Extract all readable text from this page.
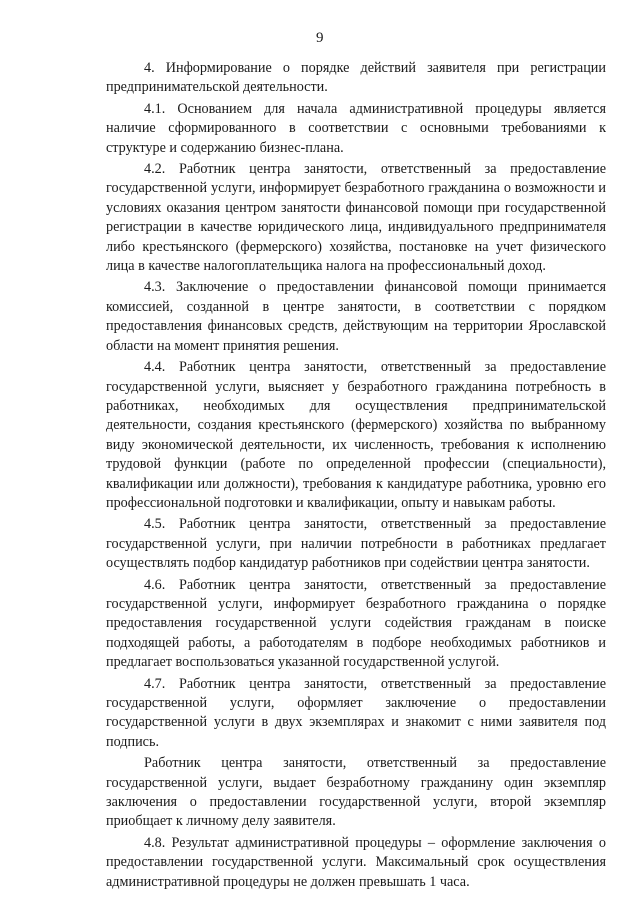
9

4. Информирование о порядке действий заявителя при регистрации предпринимательской деятельности.

4.1. Основанием для начала административной процедуры является наличие сформированного в соответствии с основными требованиями к структуре и содержанию бизнес-плана.

4.2. Работник центра занятости, ответственный за предоставление государственной услуги, информирует безработного гражданина о возможности и условиях оказания центром занятости финансовой помощи при государственной регистрации в качестве юридического лица, индивидуального предпринимателя либо крестьянского (фермерского) хозяйства, постановке на учет физического лица в качестве налогоплательщика налога на профессиональный доход.

4.3. Заключение о предоставлении финансовой помощи принимается комиссией, созданной в центре занятости, в соответствии с порядком предоставления финансовых средств, действующим на территории Ярославской области на момент принятия решения.

4.4. Работник центра занятости, ответственный за предоставление государственной услуги, выясняет у безработного гражданина потребность в работниках, необходимых для осуществления предпринимательской деятельности, создания крестьянского (фермерского) хозяйства по выбранному виду экономической деятельности, их численность, требования к исполнению трудовой функции (работе по определенной профессии (специальности), квалификации или должности), требования к кандидатуре работника, уровню его профессиональной подготовки и квалификации, опыту и навыкам работы.

4.5. Работник центра занятости, ответственный за предоставление государственной услуги, при наличии потребности в работниках предлагает осуществлять подбор кандидатур работников при содействии центра занятости.

4.6. Работник центра занятости, ответственный за предоставление государственной услуги, информирует безработного гражданина о порядке предоставления государственной услуги содействия гражданам в поиске подходящей работы, а работодателям в подборе необходимых работников и предлагает воспользоваться указанной государственной услугой.

4.7. Работник центра занятости, ответственный за предоставление государственной услуги, оформляет заключение о предоставлении государственной услуги в двух экземплярах и знакомит с ними заявителя под подпись.

Работник центра занятости, ответственный за предоставление государственной услуги, выдает безработному гражданину один экземпляр заключения о предоставлении государственной услуги, второй экземпляр приобщает к личному делу заявителя.

4.8. Результат административной процедуры – оформление заключения о предоставлении государственной услуги. Максимальный срок осуществления административной процедуры не должен превышать 1 часа.
